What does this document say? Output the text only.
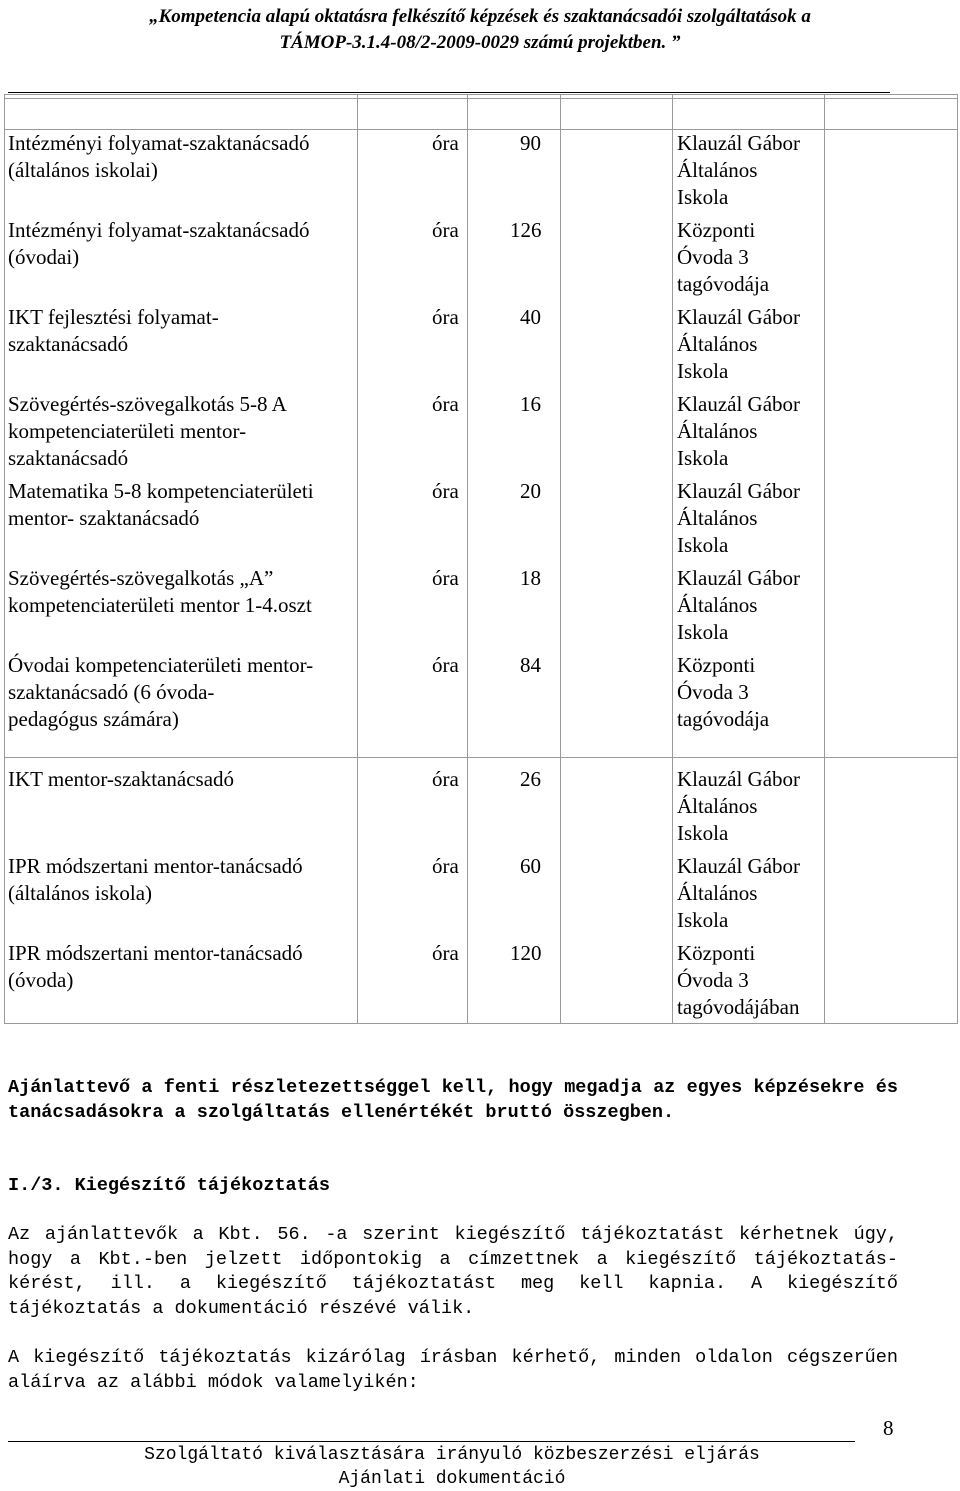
„Kompetencia alapú oktatásra felkészítő képzések és szaktanácsadói szolgáltatások a
TÁMOP-3.1.4-08/2-2009-0029 számú projektben. ”
Intézményi folyamat-szaktanácsadó
(általános iskolai)
óra	90	Klauzál Gábor
Általános
Iskola
Intézményi folyamat-szaktanácsadó
(óvodai)
óra 126	Központi
Óvoda 3
tagóvodája
IKT fejlesztési folyamat-
szaktanácsadó
óra	40	Klauzál Gábor
Általános
Iskola
Szövegértés-szövegalkotás 5-8 A
kompetenciaterületi mentor-
szaktanácsadó
óra	16	Klauzál Gábor
Általános
Iskola
Matematika 5-8 kompetenciaterületi
mentor- szaktanácsadó
óra	20	Klauzál Gábor
Általános
Iskola
Szövegértés-szövegalkotás „A”
kompetenciaterületi mentor 1-4.oszt
óra	18	Klauzál Gábor
Általános
Iskola
Óvodai kompetenciaterületi mentor-
szaktanácsadó (6 óvoda-
pedagógus számára)
óra	84	Központi
Óvoda 3
tagóvodája
IKT mentor-szaktanácsadó	óra	26	Klauzál Gábor
Általános
Iskola
IPR módszertani mentor-tanácsadó
(általános iskola)
óra	60	Klauzál Gábor
Általános
Iskola
IPR módszertani mentor-tanácsadó
(óvoda)
óra 120	Központi
Óvoda 3
tagóvodájában
Ajánlattevő a fenti részletezettséggel kell, hogy megadja az egyes képzésekre és tanácsadásokra a szolgáltatás ellenértékét bruttó összegben.
I./3. Kiegészítő tájékoztatás
Az ajánlattevők a Kbt. 56. -a szerint kiegészítő tájékoztatást kérhetnek úgy, hogy a Kbt.-ben jelzett időpontokig a címzettnek a kiegészítő tájékoztatás-kérést, ill. a kiegészítő tájékoztatást meg kell kapnia. A kiegészítő tájékoztatás a dokumentáció részévé válik.
A kiegészítő tájékoztatás kizárólag írásban kérhető, minden oldalon cégszerűen aláírva az alábbi módok valamelyikén:
8
Szolgáltató kiválasztására irányuló közbeszerzési eljárás
Ajánlati dokumentáció
